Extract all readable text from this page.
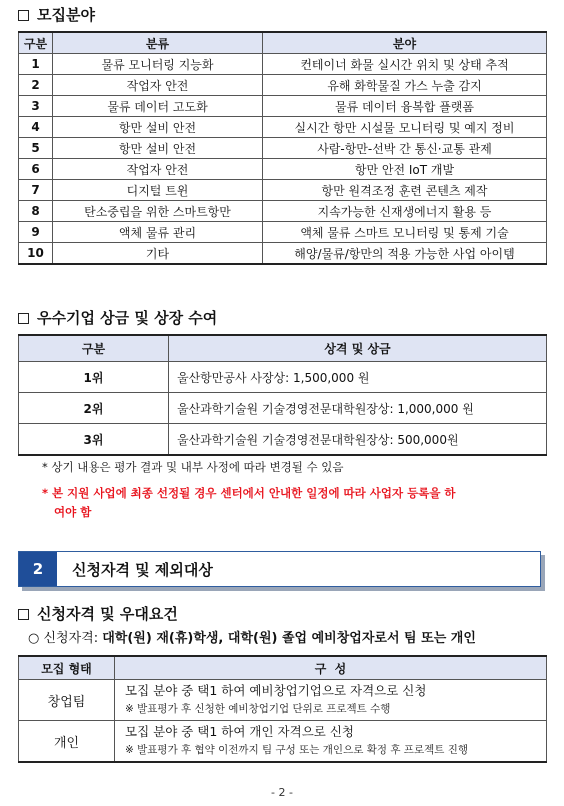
모집분야
구분	분류	분야
1	물류 모니터링 지능화	컨테이너 화물 실시간 위치 및 상태 추적
2	작업자 안전	유해 화학물질 가스 누출 감지
3	물류 데이터 고도화	물류 데이터 융복합 플랫폼
4	항만 설비 안전	실시간 항만 시설물 모니터링 및 예지 정비
5	항만 설비 안전	사람-항만-선박 간 통신·교통 관제
6	작업자 안전	항만 안전 IoT 개발
7	디지털 트윈	항만 원격조정 훈련 콘텐츠 제작
8	탄소중립을 위한 스마트항만	지속가능한 신재생에너지 활용 등
9	액체 물류 관리	액체 물류 스마트 모니터링 및 통제 기술
10	기타	해양/물류/항만의 적용 가능한 사업 아이템
우수기업 상금 및 상장 수여
구분	상격 및 상금
1위	울산항만공사 사장상: 1,500,000 원
2위	울산과학기술원 기술경영전문대학원장상: 1,000,000 원
3위	울산과학기술원 기술경영전문대학원장상: 500,000원
* 상기 내용은 평가 결과 및 내부 사정에 따라 변경될 수 있음
* 본 지원 사업에 최종 선정될 경우 센터에서 안내한 일정에 따라 사업자 등록을 하
여야 함
2	신청자격 및 제외대상
신청자격 및 우대요건
○ 신청자격: 대학(원) 재(휴)학생, 대학(원) 졸업 예비창업자로서 팀 또는 개인
모집 형태	구  성
창업팀	모집 분야 중 택1 하여 예비창업기업으로 자격으로 신청
※ 발표평가 후 신청한 예비창업기업 단위로 프로젝트 수행

개인	모집 분야 중 택1 하여 개인 자격으로 신청
※ 발표평가 후 협약 이전까지 팀 구성 또는 개인으로 확정 후 프로젝트 진행
- 2 -
